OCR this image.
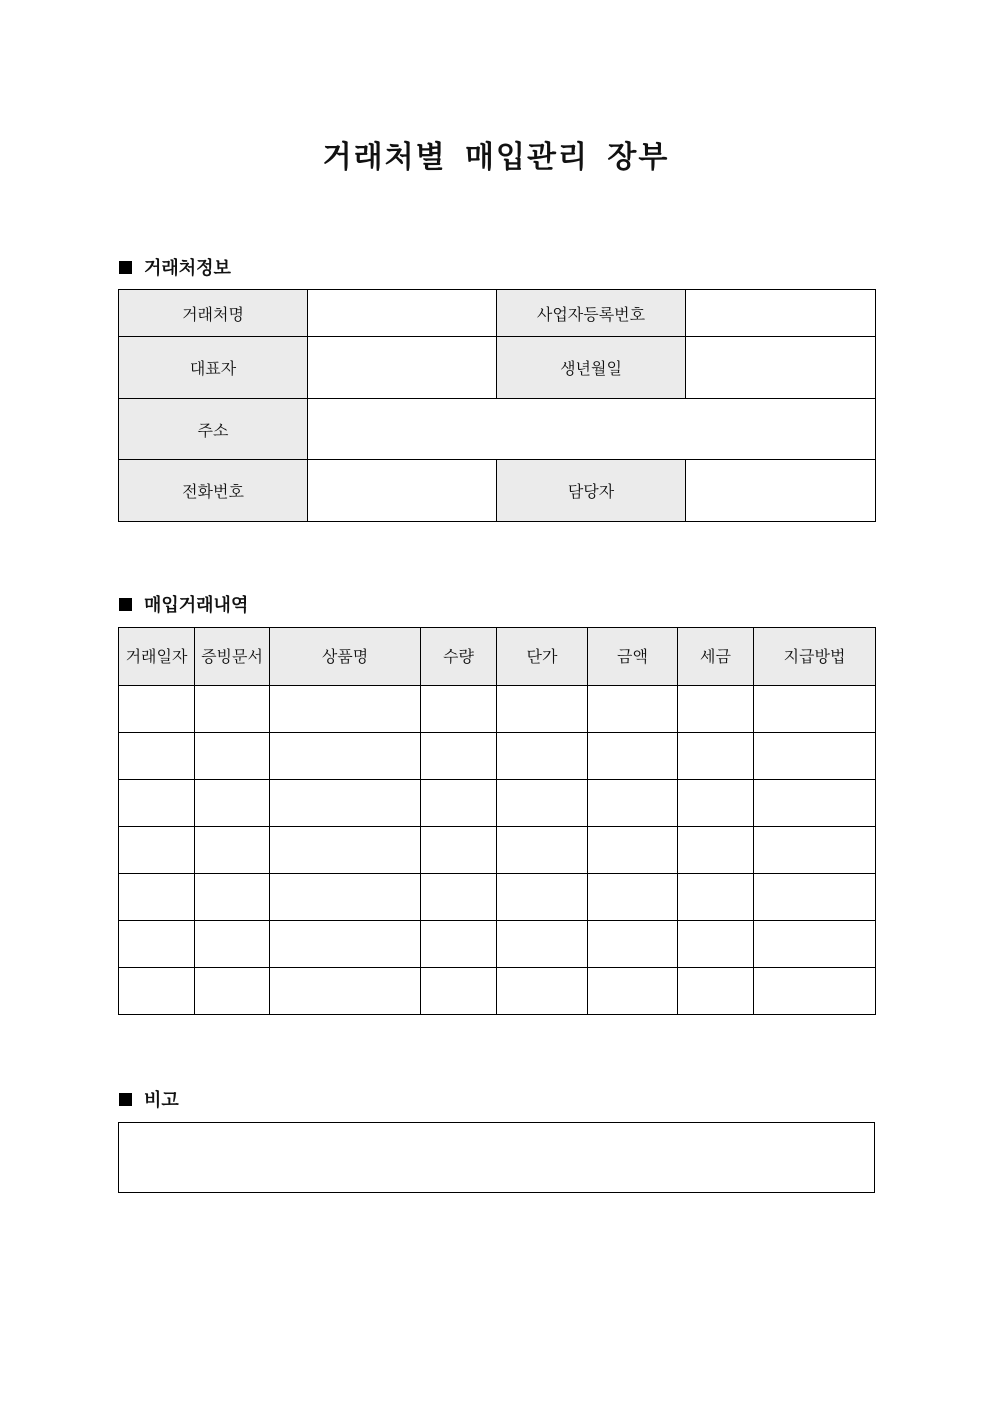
거래처별 매입관리 장부
거래처정보
거래처명		사업자등록번호	
대표자		생년월일	
주소			
전화번호		담당자	
매입거래내역
거래일자	증빙문서	상품명	수량	단가	금액	세금	지급방법

비고
